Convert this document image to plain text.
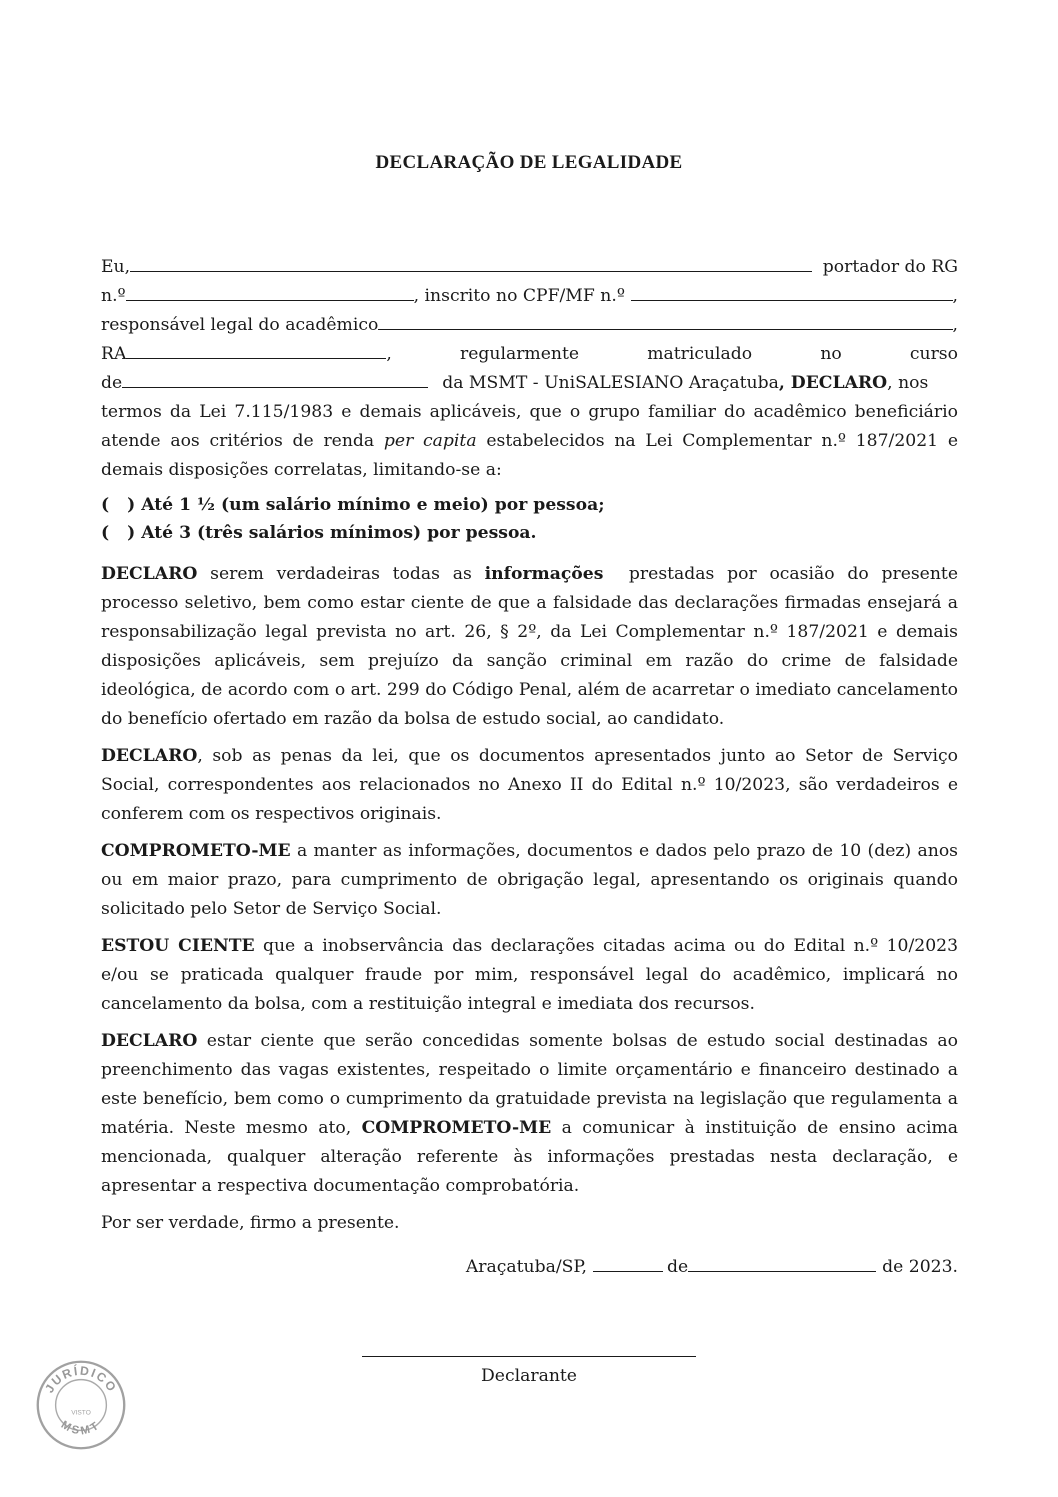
DECLARAÇÃO DE LEGALIDADE
Eu,	portador do RG
n.º	, inscrito no CPF/MF n.º	,
responsável legal do acadêmico	,
RA	,	regularmente	matriculado	no	curso
de	da MSMT - UniSALESIANO Araçatuba , DECLARO , nos
termos da Lei 7.115/1983 e demais aplicáveis, que o grupo familiar do acadêmico beneficiário atende aos critérios de renda per capita estabelecidos na Lei Complementar n.º 187/2021 e demais disposições correlatas, limitando-se a:
(   ) Até 1 ½ (um salário mínimo e meio) por pessoa;
(   ) Até 3 (três salários mínimos) por pessoa.

DECLARO serem verdadeiras todas as informações  prestadas por ocasião do presente processo seletivo, bem como estar ciente de que a falsidade das declarações firmadas ensejará a responsabilização legal prevista no art. 26, § 2º, da Lei Complementar n.º 187/2021 e demais disposições aplicáveis, sem prejuízo da sanção criminal em razão do crime de falsidade ideológica, de acordo com o art. 299 do Código Penal, além de acarretar o imediato cancelamento do benefício ofertado em razão da bolsa de estudo social, ao candidato.

DECLARO, sob as penas da lei, que os documentos apresentados junto ao Setor de Serviço Social, correspondentes aos relacionados no Anexo II do Edital n.º 10/2023, são verdadeiros e conferem com os respectivos originais.

COMPROMETO-ME a manter as informações, documentos e dados pelo prazo de 10 (dez) anos ou em maior prazo, para cumprimento de obrigação legal, apresentando os originais quando solicitado pelo Setor de Serviço Social.

ESTOU CIENTE que a inobservância das declarações citadas acima ou do Edital n.º 10/2023 e/ou se praticada qualquer fraude por mim, responsável legal do acadêmico, implicará no cancelamento da bolsa, com a restituição integral e imediata dos recursos.

DECLARO estar ciente que serão concedidas somente bolsas de estudo social destinadas ao preenchimento das vagas existentes, respeitado o limite orçamentário e financeiro destinado a este benefício, bem como o cumprimento da gratuidade prevista na legislação que regulamenta a matéria. Neste mesmo ato, COMPROMETO-ME a comunicar à instituição de ensino acima mencionada, qualquer alteração referente às informações prestadas nesta declaração, e apresentar a respectiva documentação comprobatória.

Por ser verdade, firmo a presente.

Araçatuba/SP,	de	de 2023.
Declarante
JURÍDICO
VISTO
MSMT
